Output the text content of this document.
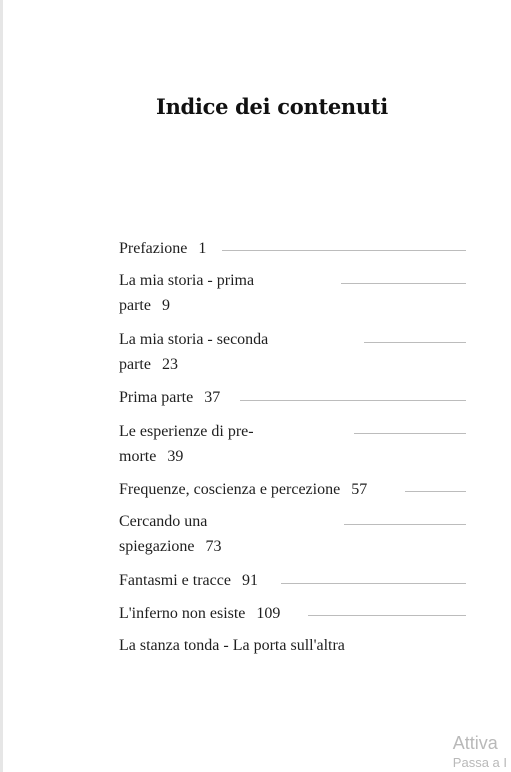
Indice dei contenuti
Prefazione 1
La mia storia - prima
parte 9
La mia storia - seconda
parte 23
Prima parte 37
Le esperienze di pre-
morte 39
Frequenze, coscienza e percezione 57
Cercando una
spiegazione 73
Fantasmi e tracce 91
L'inferno non esiste 109
La stanza tonda - La porta sull'altra
Attiva
Passa a I
